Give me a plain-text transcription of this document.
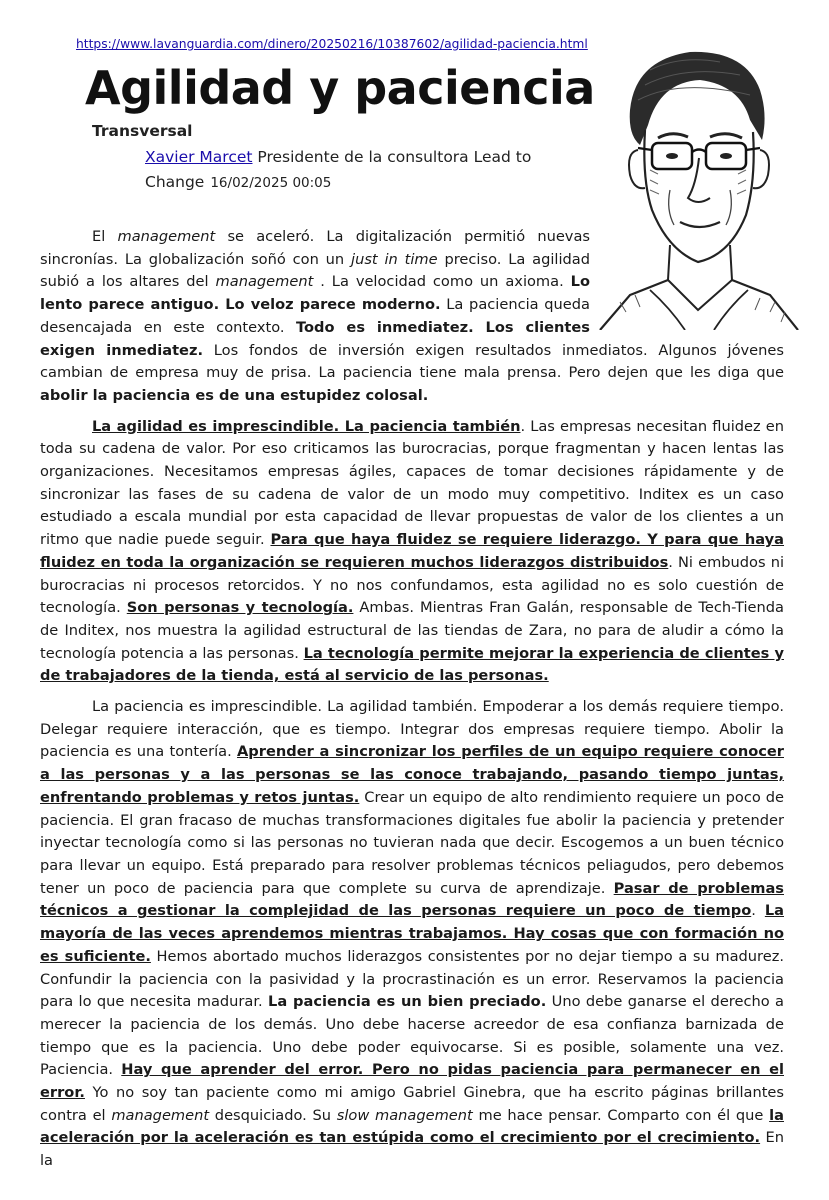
https://www.lavanguardia.com/dinero/20250216/10387602/agilidad-paciencia.html
Agilidad y paciencia
Transversal
Xavier Marcet Presidente de la consultora Lead to Change 16/02/2025 00:05

El management se aceleró. La digitalización permitió nuevas sincronías. La globalización soñó con un just in time preciso. La agilidad subió a los altares del management . La velocidad como un axioma. Lo lento parece antiguo. Lo veloz parece moderno. La paciencia queda desencajada en este contexto. Todo es inmediatez. Los clientes exigen inmediatez. Los fondos de inversión exigen resultados inmediatos. Algunos jóvenes cambian de empresa muy de prisa. La paciencia tiene mala prensa. Pero dejen que les diga que abolir la paciencia es de una estupidez colosal.

La agilidad es imprescindible. La paciencia también. Las empresas necesitan fluidez en toda su cadena de valor. Por eso criticamos las burocracias, porque fragmentan y hacen lentas las organizaciones. Necesitamos empresas ágiles, capaces de tomar decisiones rápidamente y de sincronizar las fases de su cadena de valor de un modo muy competitivo. Inditex es un caso estudiado a escala mundial por esta capacidad de llevar propuestas de valor de los clientes a un ritmo que nadie puede seguir. Para que haya fluidez se requiere liderazgo. Y para que haya fluidez en toda la organización se requieren muchos liderazgos distribuidos. Ni embudos ni burocracias ni procesos retorcidos. Y no nos confundamos, esta agilidad no es solo cuestión de tecnología. Son personas y tecnología. Ambas. Mientras Fran Galán, responsable de Tech-Tienda de Inditex, nos muestra la agilidad estructural de las tiendas de Zara, no para de aludir a cómo la tecnología potencia a las personas. La tecnología permite mejorar la experiencia de clientes y de trabajadores de la tienda, está al servicio de las personas.

La paciencia es imprescindible. La agilidad también. Empoderar a los demás requiere tiempo. Delegar requiere interacción, que es tiempo. Integrar dos empresas requiere tiempo. Abolir la paciencia es una tontería. Aprender a sincronizar los perfiles de un equipo requiere conocer a las personas y a las personas se las conoce trabajando, pasando tiempo juntas, enfrentando problemas y retos juntas. Crear un equipo de alto rendimiento requiere un poco de paciencia. El gran fracaso de muchas transformaciones digitales fue abolir la paciencia y pretender inyectar tecnología como si las personas no tuvieran nada que decir. Escogemos a un buen técnico para llevar un equipo. Está preparado para resolver problemas técnicos peliagudos, pero debemos tener un poco de paciencia para que complete su curva de aprendizaje. Pasar de problemas técnicos a gestionar la complejidad de las personas requiere un poco de tiempo. La mayoría de las veces aprendemos mientras trabajamos. Hay cosas que con formación no es suficiente. Hemos abortado muchos liderazgos consistentes por no dejar tiempo a su madurez. Confundir la paciencia con la pasividad y la procrastinación es un error. Reservamos la paciencia para lo que necesita madurar. La paciencia es un bien preciado. Uno debe ganarse el derecho a merecer la paciencia de los demás. Uno debe hacerse acreedor de esa confianza barnizada de tiempo que es la paciencia. Uno debe poder equivocarse. Si es posible, solamente una vez. Paciencia. Hay que aprender del error. Pero no pidas paciencia para permanecer en el error. Yo no soy tan paciente como mi amigo Gabriel Ginebra, que ha escrito páginas brillantes contra el management desquiciado. Su slow management me hace pensar. Comparto con él que la aceleración por la aceleración es tan estúpida como el crecimiento por el crecimiento. En la
